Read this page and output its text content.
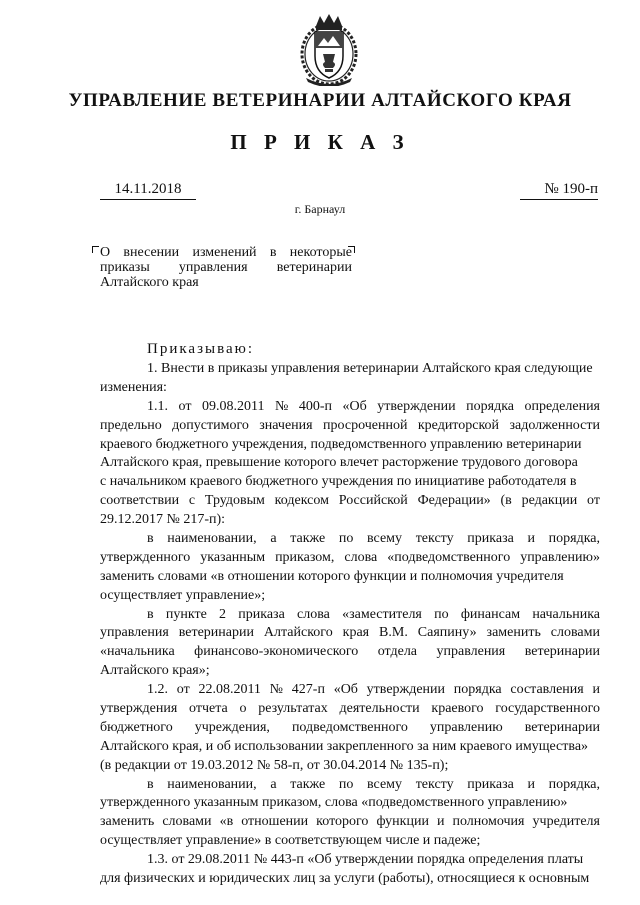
УПРАВЛЕНИЕ ВЕТЕРИНАРИИ АЛТАЙСКОГО КРАЯ
П Р И К А З
14.11.2018	№ 190-п
г. Барнаул
О внесении изменений в некоторые
приказы управления ветеринарии
Алтайского края
Приказываю:
1. Внести в приказы управления ветеринарии Алтайского края следующие
изменения:
1.1. от 09.08.2011 № 400-п «Об утверждении порядка определения
предельно допустимого значения просроченной кредиторской задолженности
краевого бюджетного учреждения, подведомственного управлению ветеринарии
Алтайского края, превышение которого влечет расторжение трудового договора
с начальником краевого бюджетного учреждения по инициативе работодателя в
соответствии с Трудовым кодексом Российской Федерации» (в редакции от
29.12.2017 № 217-п):
в наименовании, а также по всему тексту приказа и порядка,
утвержденного указанным приказом, слова «подведомственного управлению»
заменить словами «в отношении которого функции и полномочия учредителя
осуществляет управление»;
в пункте 2 приказа слова «заместителя по финансам начальника
управления ветеринарии Алтайского края В.М. Саяпину» заменить словами
«начальника финансово-экономического отдела управления ветеринарии
Алтайского края»;
1.2. от 22.08.2011 № 427-п «Об утверждении порядка составления и
утверждения отчета о результатах деятельности краевого государственного
бюджетного учреждения, подведомственного управлению ветеринарии
Алтайского края, и об использовании закрепленного за ним краевого имущества»
(в редакции от 19.03.2012 № 58-п, от 30.04.2014 № 135-п);
в наименовании, а также по всему тексту приказа и порядка,
утвержденного указанным приказом, слова «подведомственного управлению»
заменить словами «в отношении которого функции и полномочия учредителя
осуществляет управление» в соответствующем числе и падеже;
1.3. от 29.08.2011 № 443-п «Об утверждении порядка определения платы
для физических и юридических лиц за услуги (работы), относящиеся к основным
